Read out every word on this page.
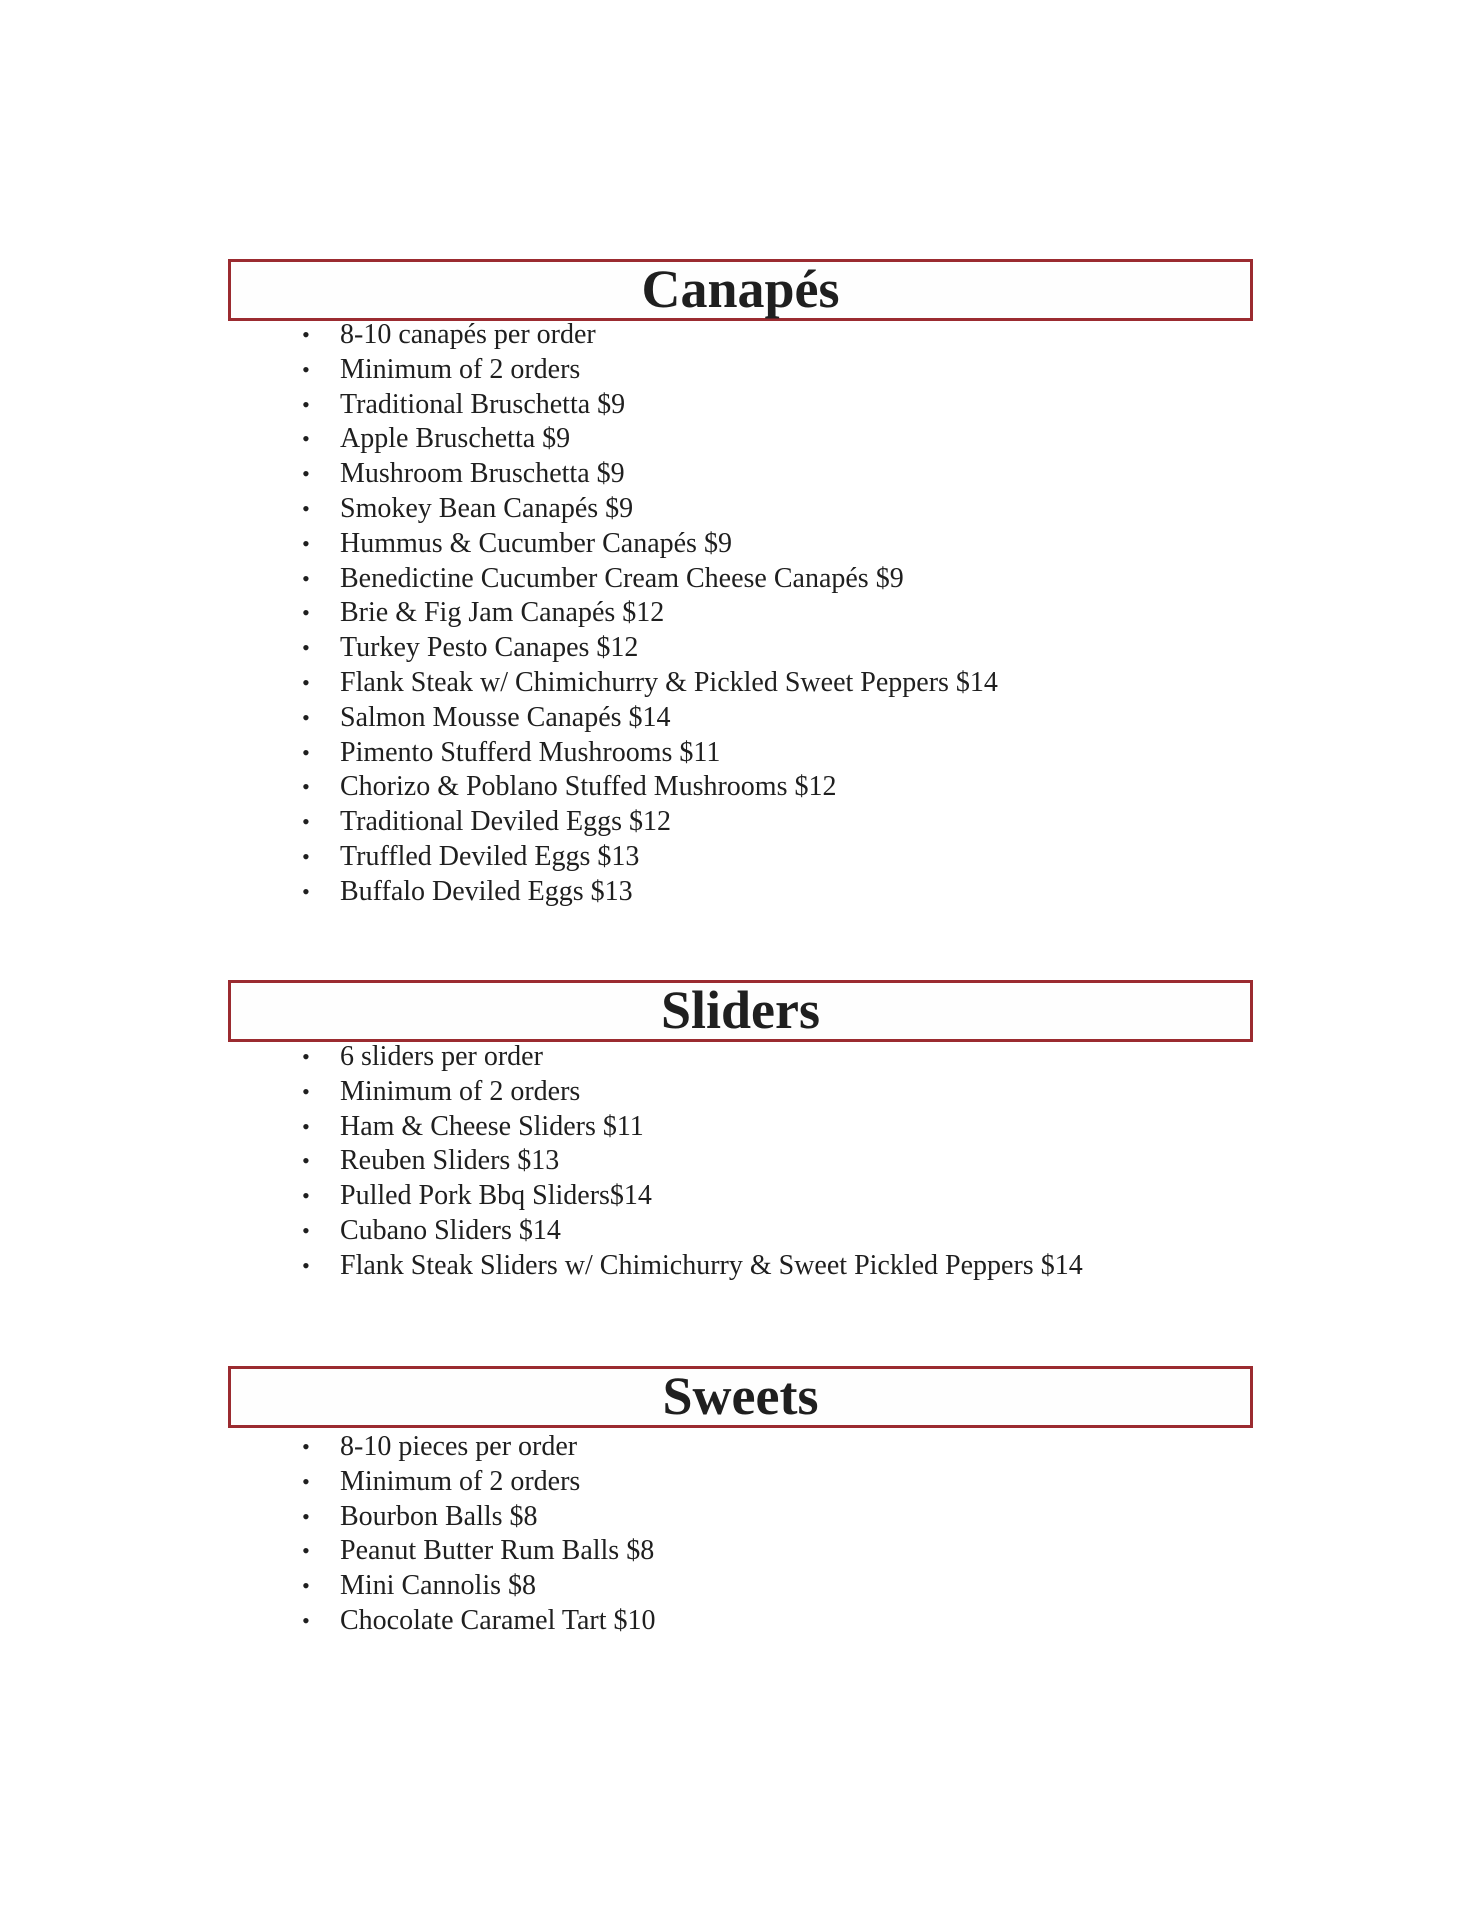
Canapés
• 8-10 canapés per order
• Minimum of 2 orders
• Traditional Bruschetta $9
• Apple Bruschetta $9
• Mushroom Bruschetta $9
• Smokey Bean Canapés $9
• Hummus & Cucumber Canapés $9
• Benedictine Cucumber Cream Cheese Canapés $9
• Brie & Fig Jam Canapés $12
• Turkey Pesto Canapes $12
• Flank Steak w/ Chimichurry & Pickled Sweet Peppers $14
• Salmon Mousse Canapés $14
• Pimento Stufferd Mushrooms $11
• Chorizo & Poblano Stuffed Mushrooms $12
• Traditional Deviled Eggs $12
• Truffled Deviled Eggs $13
• Buffalo Deviled Eggs $13
Sliders
• 6 sliders per order
• Minimum of 2 orders
• Ham & Cheese Sliders $11
• Reuben Sliders $13
• Pulled Pork Bbq Sliders$14
• Cubano Sliders $14
• Flank Steak Sliders w/ Chimichurry & Sweet Pickled Peppers $14
Sweets
• 8-10 pieces per order
• Minimum of 2 orders
• Bourbon Balls $8
• Peanut Butter Rum Balls $8
• Mini Cannolis $8
• Chocolate Caramel Tart $10
